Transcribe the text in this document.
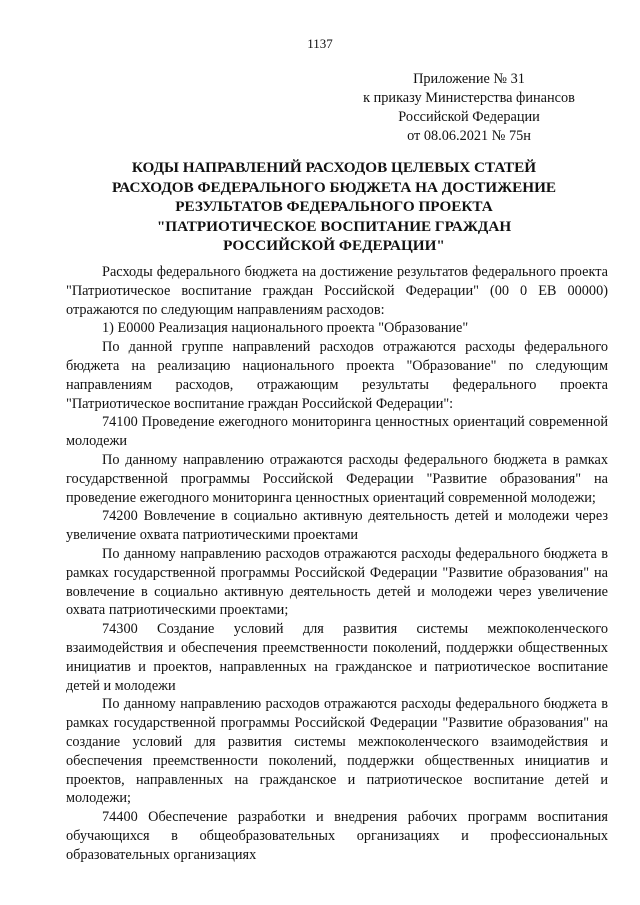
1137
Приложение № 31
к приказу Министерства финансов
Российской Федерации
от 08.06.2021 № 75н
КОДЫ НАПРАВЛЕНИЙ РАСХОДОВ ЦЕЛЕВЫХ СТАТЕЙ
РАСХОДОВ ФЕДЕРАЛЬНОГО БЮДЖЕТА НА ДОСТИЖЕНИЕ
РЕЗУЛЬТАТОВ ФЕДЕРАЛЬНОГО ПРОЕКТА
"ПАТРИОТИЧЕСКОЕ ВОСПИТАНИЕ ГРАЖДАН
РОССИЙСКОЙ ФЕДЕРАЦИИ"

Расходы федерального бюджета на достижение результатов федерального проекта "Патриотическое воспитание граждан Российской Федерации" (00 0 ЕВ 00000) отражаются по следующим направлениям расходов:

1) Е0000 Реализация национального проекта "Образование"

По данной группе направлений расходов отражаются расходы федерального бюджета на реализацию национального проекта "Образование" по следующим направлениям расходов, отражающим результаты федерального проекта "Патриотическое воспитание граждан Российской Федерации":

74100 Проведение ежегодного мониторинга ценностных ориентаций современной молодежи

По данному направлению отражаются расходы федерального бюджета в рамках государственной программы Российской Федерации "Развитие образования" на проведение ежегодного мониторинга ценностных ориентаций современной молодежи;

74200 Вовлечение в социально активную деятельность детей и молодежи через увеличение охвата патриотическими проектами

По данному направлению расходов отражаются расходы федерального бюджета в рамках государственной программы Российской Федерации "Развитие образования" на вовлечение в социально активную деятельность детей и молодежи через увеличение охвата патриотическими проектами;

74300 Создание условий для развития системы межпоколенческого взаимодействия и обеспечения преемственности поколений, поддержки общественных инициатив и проектов, направленных на гражданское и патриотическое воспитание детей и молодежи

По данному направлению расходов отражаются расходы федерального бюджета в рамках государственной программы Российской Федерации "Развитие образования" на создание условий для развития системы межпоколенческого взаимодействия и обеспечения преемственности поколений, поддержки общественных инициатив и проектов, направленных на гражданское и патриотическое воспитание детей и молодежи;

74400 Обеспечение разработки и внедрения рабочих программ воспитания обучающихся в общеобразовательных организациях и профессиональных образовательных организациях
